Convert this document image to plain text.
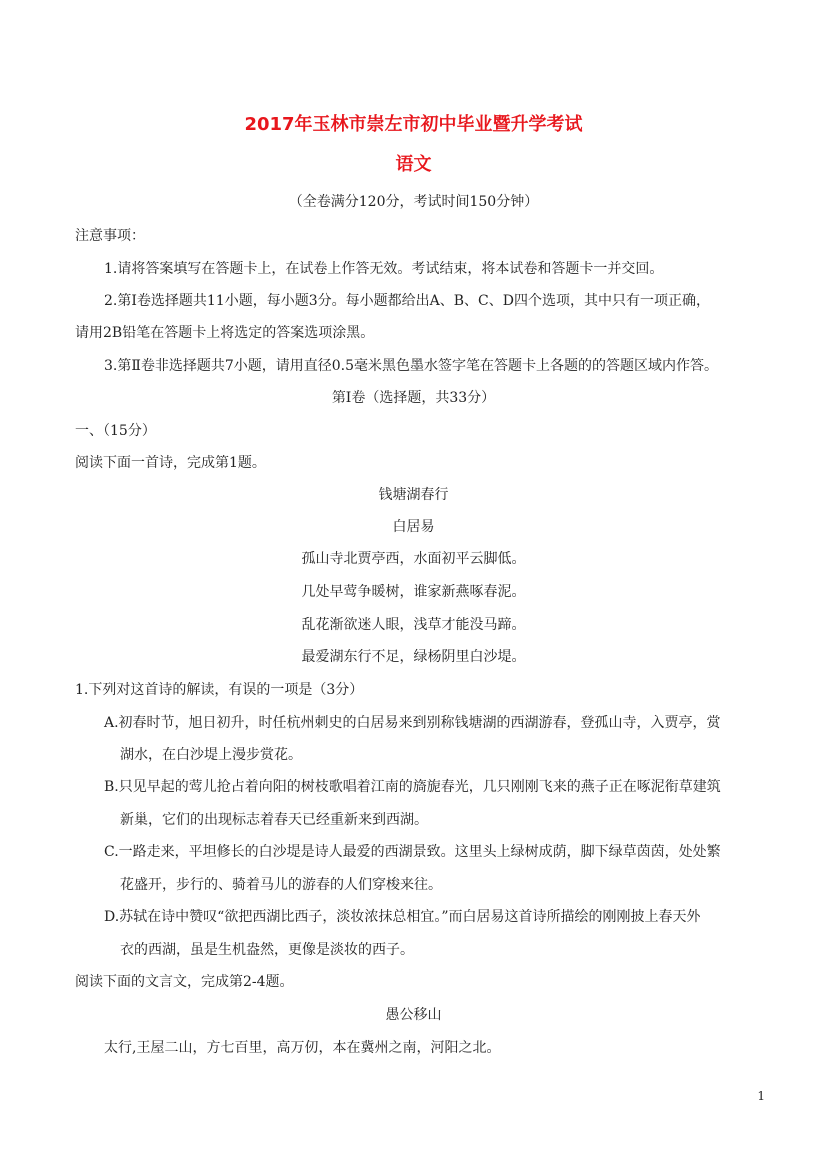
2017年玉林市崇左市初中毕业暨升学考试
语文
（全卷满分120分，考试时间150分钟）
注意事项：
1.请将答案填写在答题卡上，在试卷上作答无效。考试结束，将本试卷和答题卡一并交回。
2.第Ⅰ卷选择题共11小题，每小题3分。每小题都给出A、B、C、D四个选项，其中只有一项正确，
请用2B铅笔在答题卡上将选定的答案选项涂黑。
3.第Ⅱ卷非选择题共7小题，请用直径0.5毫米黑色墨水签字笔在答题卡上各题的的答题区域内作答。
第Ⅰ卷（选择题，共33分）
一、（15分）
阅读下面一首诗，完成第1题。
钱塘湖春行
白居易
孤山寺北贾亭西，水面初平云脚低。
几处早莺争暖树，谁家新燕啄春泥。
乱花渐欲迷人眼，浅草才能没马蹄。
最爱湖东行不足，绿杨阴里白沙堤。
1.下列对这首诗的解读，有误的一项是（3分）
A.初春时节，旭日初升，时任杭州刺史的白居易来到别称钱塘湖的西湖游春，登孤山寺，入贾亭，赏
湖水，在白沙堤上漫步赏花。
B.只见早起的莺儿抢占着向阳的树枝歌唱着江南的旖旎春光，几只刚刚飞来的燕子正在啄泥衔草建筑
新巢，它们的出现标志着春天已经重新来到西湖。
C.一路走来，平坦修长的白沙堤是诗人最爱的西湖景致。这里头上绿树成荫，脚下绿草茵茵，处处繁
花盛开，步行的、骑着马儿的游春的人们穿梭来往。
D.苏轼在诗中赞叹“欲把西湖比西子，淡妆浓抹总相宜。”而白居易这首诗所描绘的刚刚披上春天外
衣的西湖，虽是生机盎然，更像是淡妆的西子。
阅读下面的文言文，完成第2-4题。
愚公移山
太行,王屋二山，方七百里，高万仞，本在冀州之南，河阳之北。
1
